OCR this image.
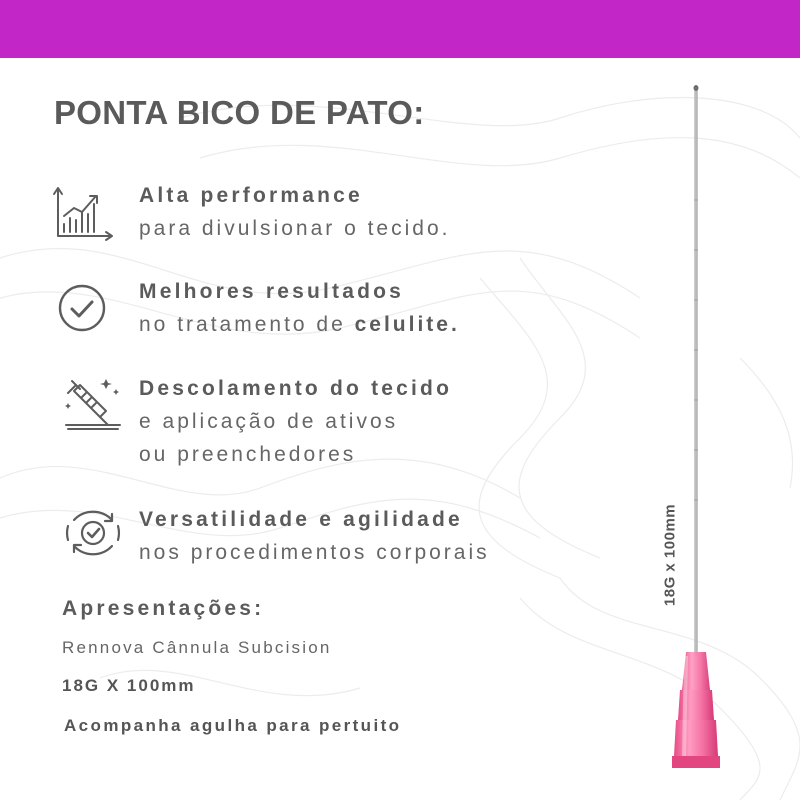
PONTA BICO DE PATO:
Alta performance
para divulsionar o tecido.
Melhores resultados
no tratamento de celulite.
Descolamento do tecido
e aplicação de ativos
ou preenchedores
Versatilidade e agilidade
nos procedimentos corporais
Apresentações:
Rennova Cânnula Subcision
18G X 100mm
Acompanha agulha para pertuito
18G x 100mm
